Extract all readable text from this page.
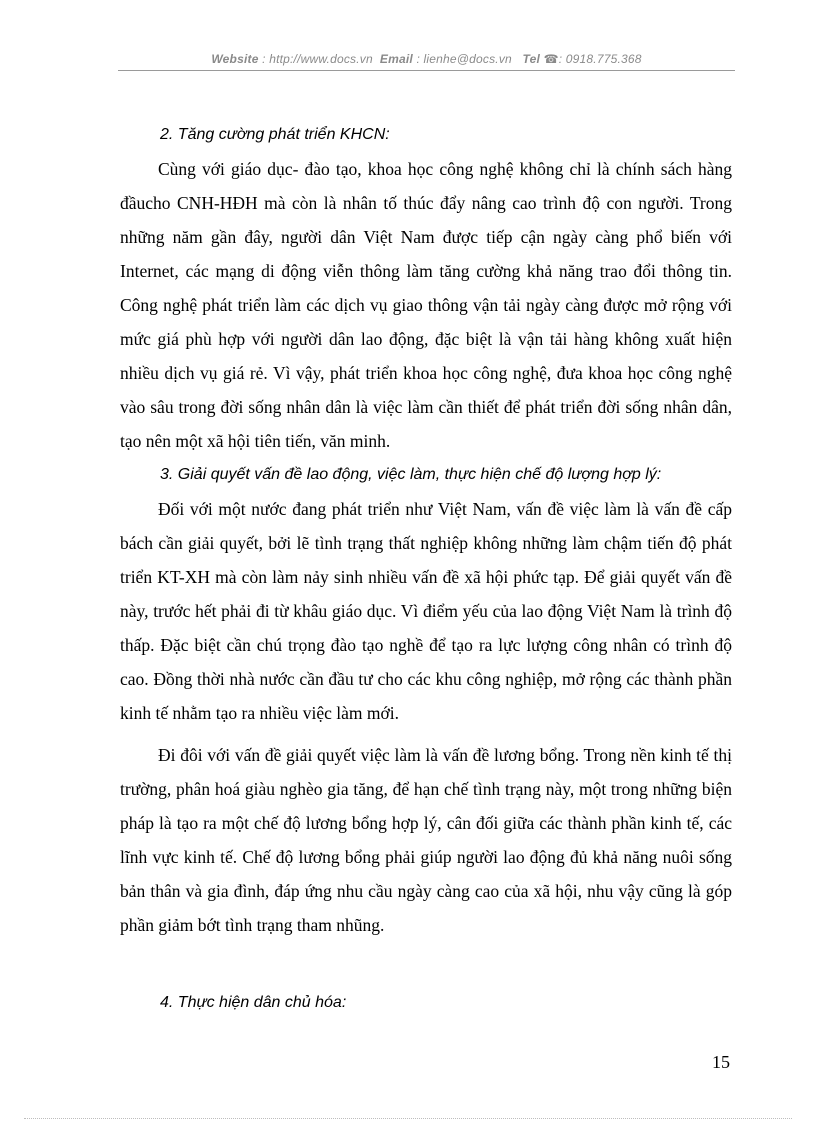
Website : http://www.docs.vn Email : lienhe@docs.vn Tel ☎: 0918.775.368

2. Tăng cường phát triển KHCN:

Cùng với giáo dục- đào tạo, khoa học công nghệ không chỉ là chính sách hàng đầucho CNH-HĐH mà còn là nhân tố thúc đẩy nâng cao trình độ con người. Trong những năm gần đây, người dân Việt Nam được tiếp cận ngày càng phổ biến với Internet, các mạng di động viễn thông làm tăng cường khả năng trao đổi thông tin. Công nghệ phát triển làm các dịch vụ giao thông vận tải ngày càng được mở rộng với mức giá phù hợp với người dân lao động, đặc biệt là vận tải hàng không xuất hiện nhiều dịch vụ giá rẻ. Vì vậy, phát triển khoa học công nghệ, đưa khoa học công nghệ vào sâu trong đời sống nhân dân là việc làm cần thiết để phát triển đời sống nhân dân, tạo nên một xã hội tiên tiến, văn minh.

3. Giải quyết vấn đề lao động, việc làm, thực hiện chế độ lượng hợp lý:

Đối với một nước đang phát triển như Việt Nam, vấn đề việc làm là vấn đề cấp bách cần giải quyết, bởi lẽ tình trạng thất nghiệp không những làm chậm tiến độ phát triển KT-XH mà còn làm nảy sinh nhiều vấn đề xã hội phức tạp. Để giải quyết vấn đề này, trước hết phải đi từ khâu giáo dục. Vì điểm yếu của lao động Việt Nam là trình độ thấp. Đặc biệt cần chú trọng đào tạo nghề để tạo ra lực lượng công nhân có trình độ cao. Đồng thời nhà nước cần đầu tư cho các khu công nghiệp, mở rộng các thành phần kinh tế nhằm tạo ra nhiều việc làm mới.

Đi đôi với vấn đề giải quyết việc làm là vấn đề lương bổng. Trong nền kinh tế thị trường, phân hoá giàu nghèo gia tăng, để hạn chế tình trạng này, một trong những biện pháp là tạo ra một chế độ lương bổng hợp lý, cân đối giữa các thành phần kinh tế, các lĩnh vực kinh tế. Chế độ lương bổng phải giúp người lao động đủ khả năng nuôi sống bản thân và gia đình, đáp ứng nhu cầu ngày càng cao của xã hội, nhu vậy cũng là góp phần giảm bớt tình trạng tham nhũng.

4. Thực hiện dân chủ hóa:

15
